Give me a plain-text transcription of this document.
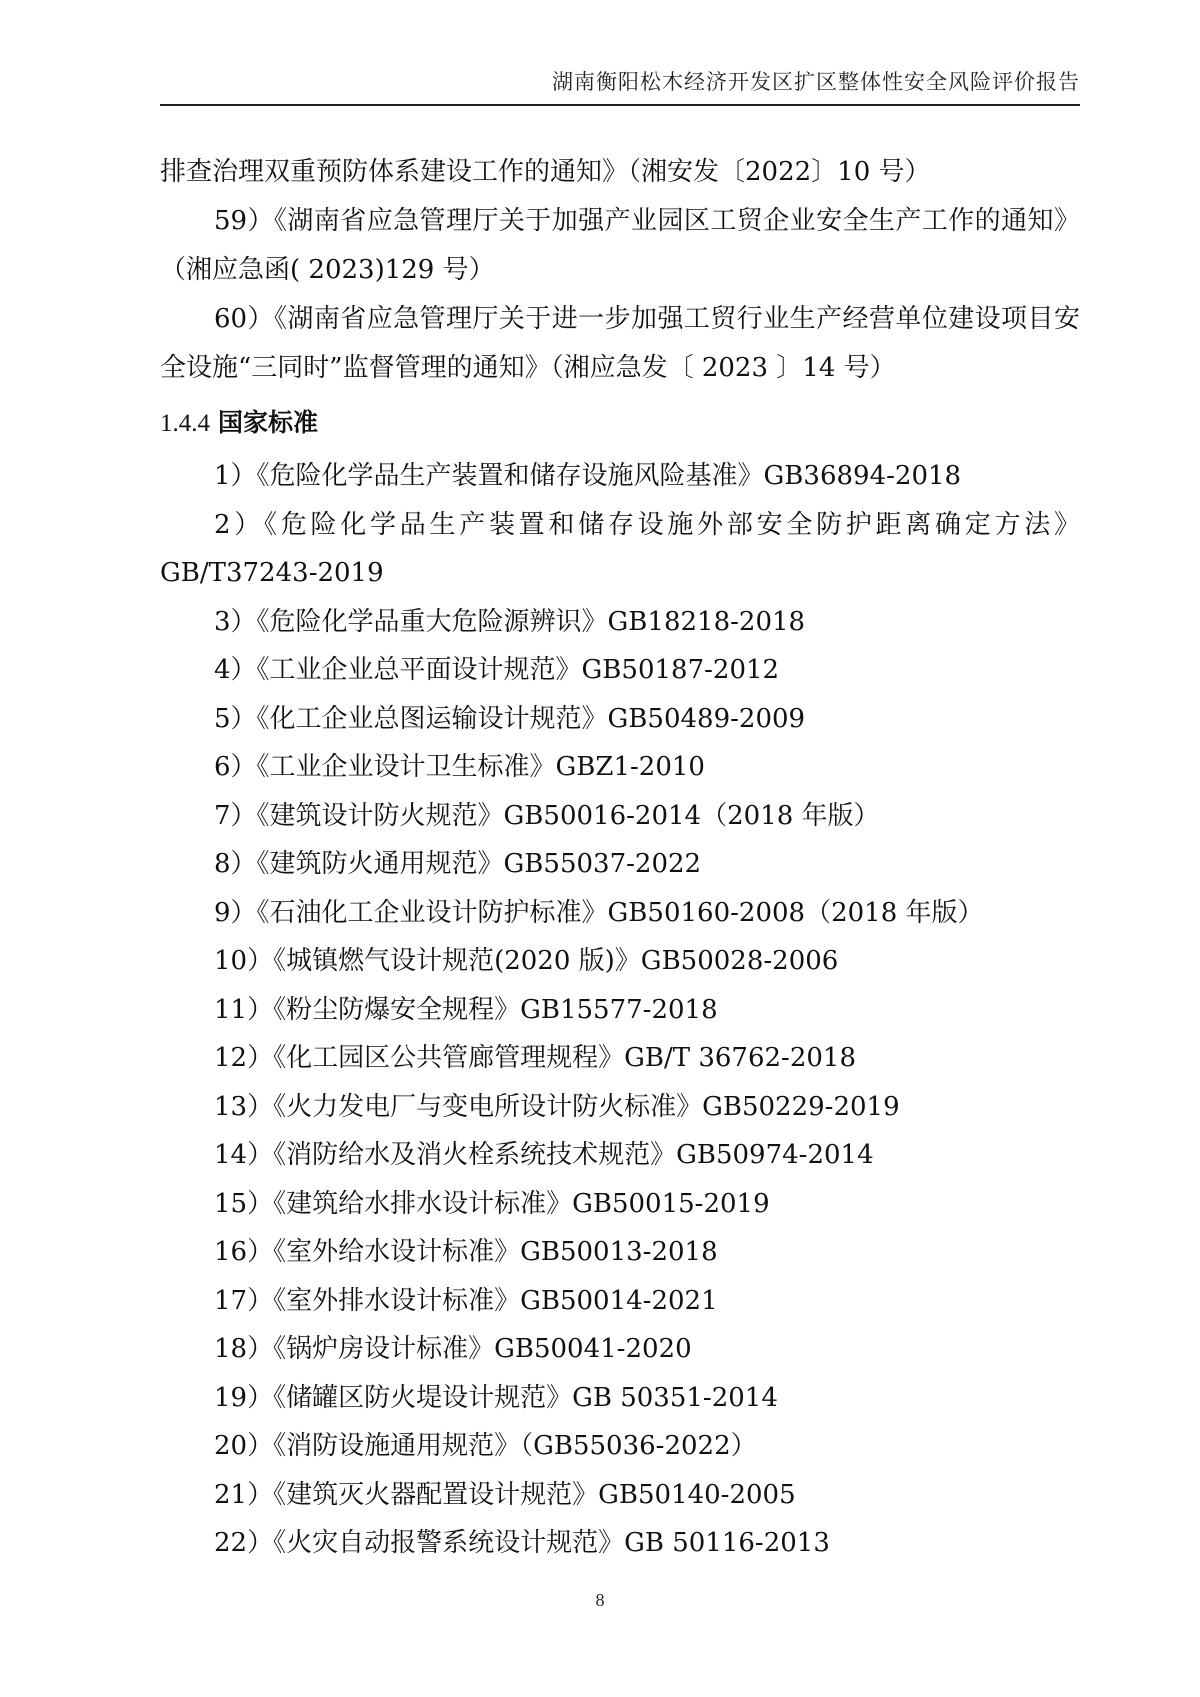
湖南衡阳松木经济开发区扩区整体性安全风险评价报告

排查治理双重预防体系建设工作的通知》（湘安发〔2022〕10 号）

59）《湖南省应急管理厅关于加强产业园区工贸企业安全生产工作的通知》（湘应急函( 2023)129 号）

60）《湖南省应急管理厅关于进一步加强工贸行业生产经营单位建设项目安全设施“三同时”监督管理的通知》（湘应急发〔 2023 〕14 号）

1.4.4 国家标准
1）《危险化学品生产装置和储存设施风险基准》GB36894-2018
2）《危险化学品生产装置和储存设施外部安全防护距离确定方法》GB/T37243-2019
3）《危险化学品重大危险源辨识》GB18218-2018
4）《工业企业总平面设计规范》GB50187-2012
5）《化工企业总图运输设计规范》GB50489-2009
6）《工业企业设计卫生标准》GBZ1-2010
7）《建筑设计防火规范》GB50016-2014（2018 年版）
8）《建筑防火通用规范》GB55037-2022
9）《石油化工企业设计防护标准》GB50160-2008（2018 年版）
10）《城镇燃气设计规范(2020 版)》GB50028-2006
11）《粉尘防爆安全规程》GB15577-2018
12）《化工园区公共管廊管理规程》GB/T 36762-2018
13）《火力发电厂与变电所设计防火标准》GB50229-2019
14）《消防给水及消火栓系统技术规范》GB50974-2014
15）《建筑给水排水设计标准》GB50015-2019
16）《室外给水设计标准》GB50013-2018
17）《室外排水设计标准》GB50014-2021
18）《锅炉房设计标准》GB50041-2020
19）《储罐区防火堤设计规范》GB 50351-2014
20）《消防设施通用规范》（GB55036-2022）
21）《建筑灭火器配置设计规范》GB50140-2005
22）《火灾自动报警系统设计规范》GB 50116-2013
8
